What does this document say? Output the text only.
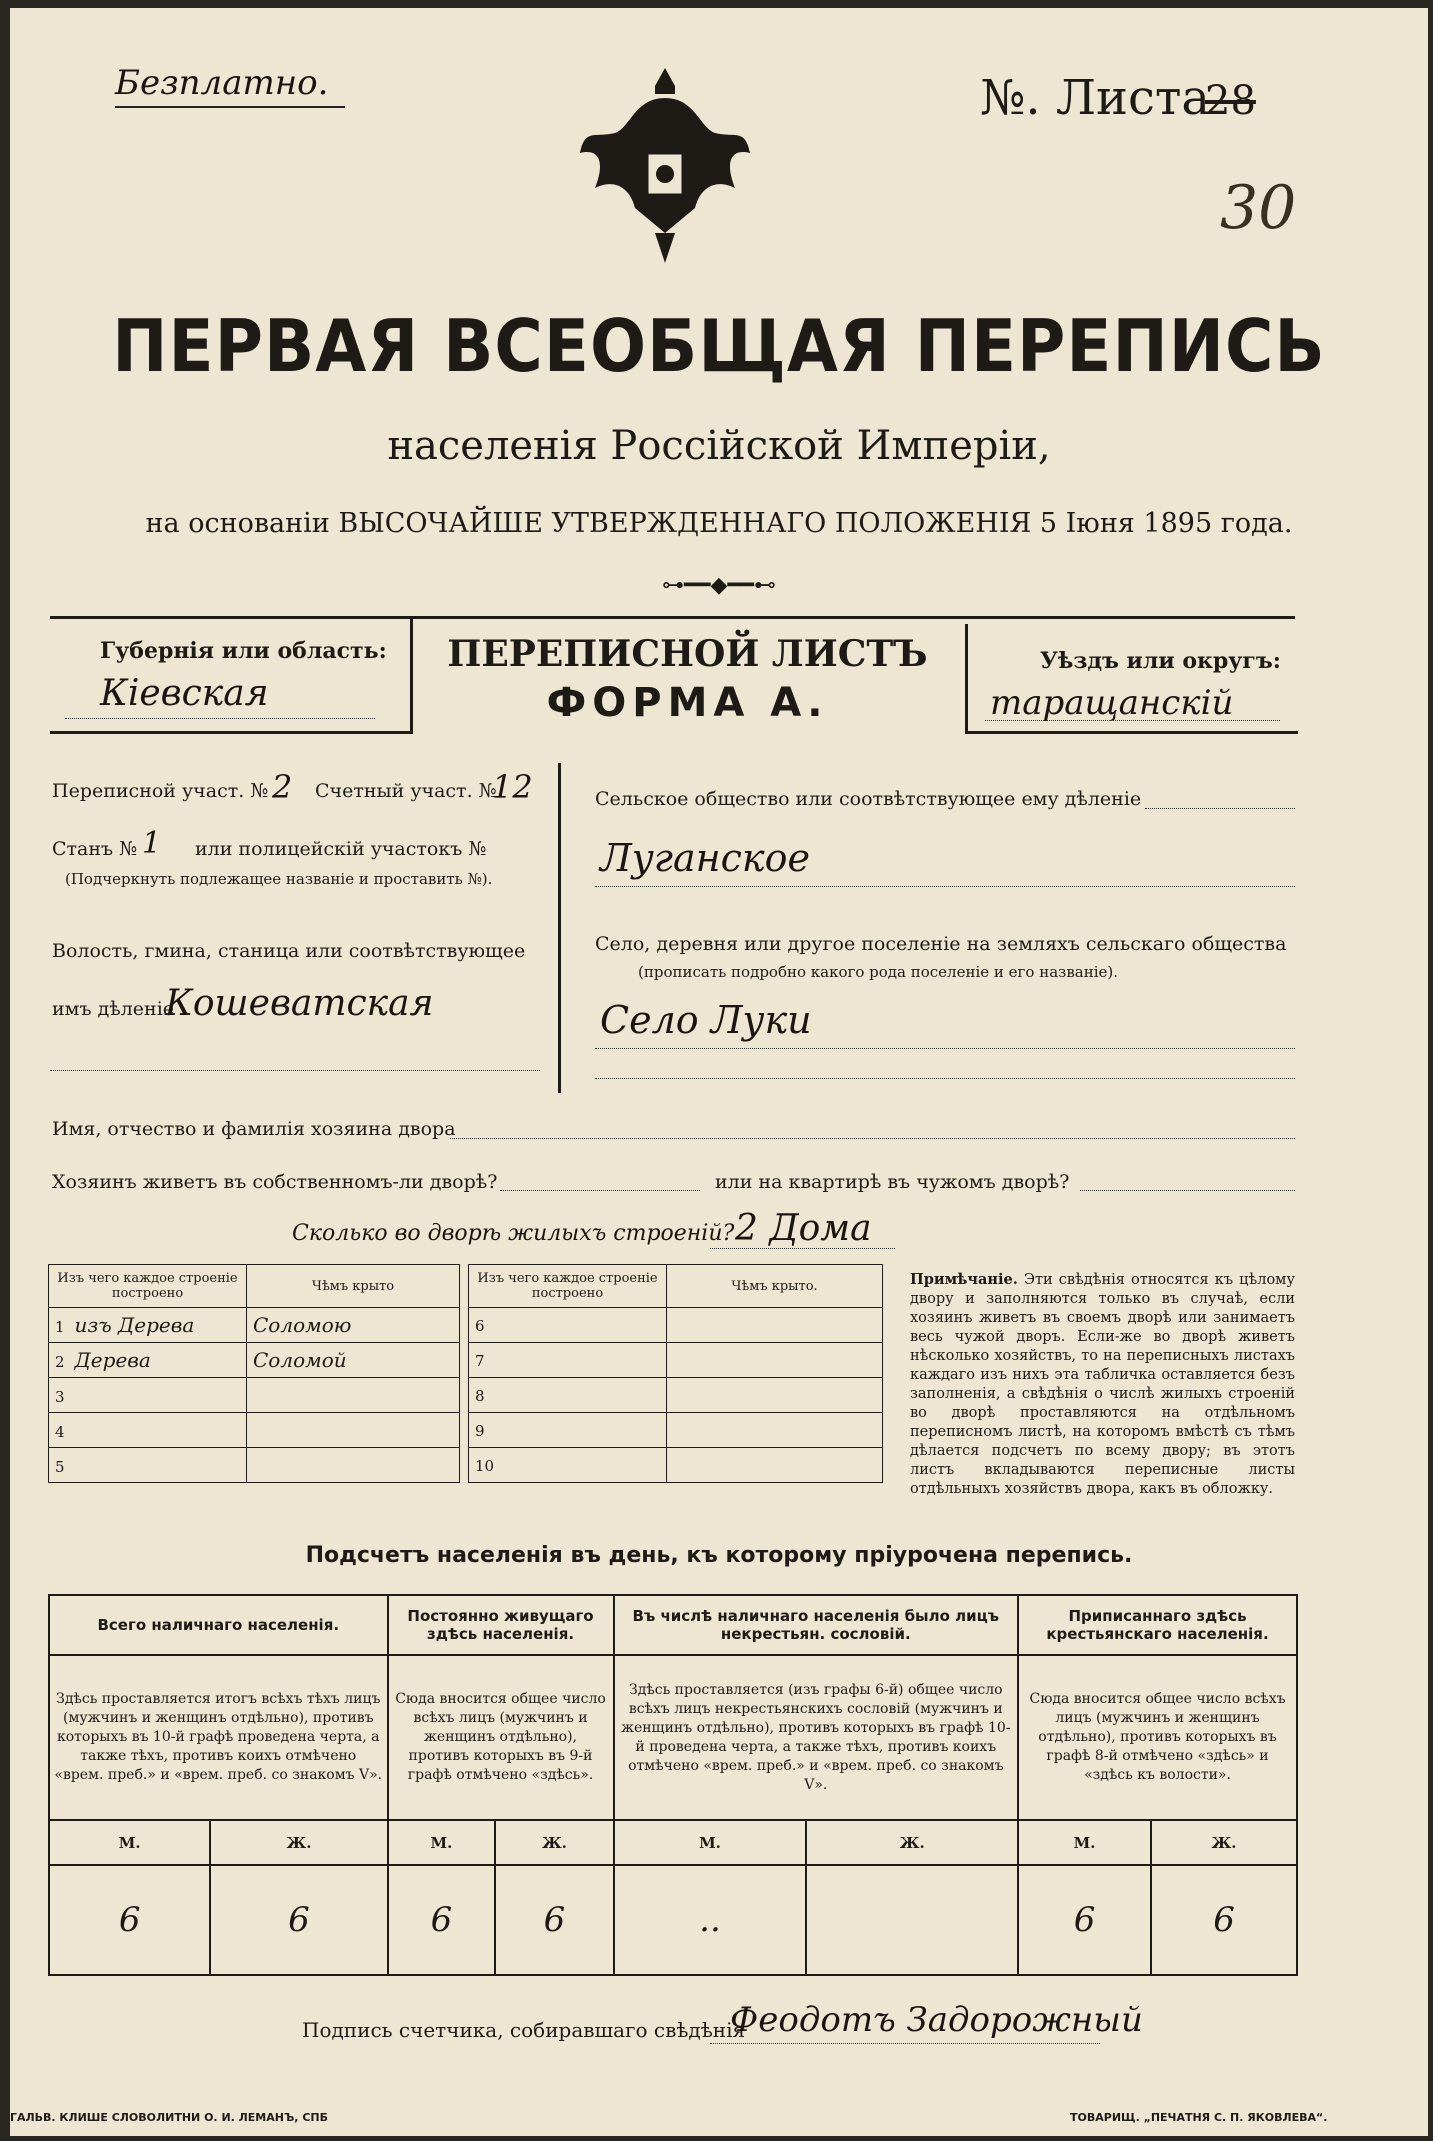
Безплатно.	№. Листа
28
30
ПЕРВАЯ ВСЕОБЩАЯ ПЕРЕПИСЬ
населенія Россійской Имперіи,
на основаніи ВЫСОЧАЙШЕ УТВЕРЖДЕННАГО ПОЛОЖЕНІЯ 5 Іюня 1895 года.
⊶━━◆━━⊷
Губернія или область:
Кіевская
ПЕРЕПИСНОЙ ЛИСТЪ
ФОРМА А.
Уѣздъ или округъ:
таращанскій
Переписной участ. № 2 Счетный участ. №
12
Станъ № 1 или полицейскій участокъ №
(Подчеркнуть подлежащее названіе и проставить №).
Волость, гмина, станица или соотвѣтствующее
имъ дѣленіе
Кошеватская
Сельское общество или соотвѣтствующее ему дѣленіе
Луганское
Село, деревня или другое поселеніе на земляхъ сельскаго общества
(прописать подробно какого рода поселеніе и его названіе).
Село Луки
Имя, отчество и фамилія хозяина двора
Хозяинъ живетъ въ собственномъ-ли дворѣ?	или на квартирѣ въ чужомъ дворѣ?
Сколько во дворѣ жилыхъ строеній? 2 Дома
Изъ чего каждое строеніе построено	Чѣмъ крыто
1 изъ Дерева	Соломою
2 Дерева	Соломой
3	
4	
5	
Изъ чего каждое строеніе построено	Чѣмъ крыто.
6	
7	
8	
9	
10	
Примѣчаніе. Эти свѣдѣнія относятся къ цѣлому двору и заполняются только въ случаѣ, если хозяинъ живетъ въ своемъ дворѣ или занимаетъ весь чужой дворъ. Если-же во дворѣ живетъ нѣсколько хозяйствъ, то на переписныхъ листахъ каждаго изъ нихъ эта табличка оставляется безъ заполненія, а свѣдѣнія о числѣ жилыхъ строеній во дворѣ проставляются на отдѣльномъ переписномъ листѣ, на которомъ вмѣстѣ съ тѣмъ дѣлается подсчетъ по всему двору; въ этотъ листъ вкладываются переписные листы отдѣльныхъ хозяйствъ двора, какъ въ обложку.
Подсчетъ населенія въ день, къ которому пріурочена перепись.
Всего наличнаго населенія.		Постоянно живущаго здѣсь населенія.		Въ числѣ наличнаго населенія было лицъ некрестьян. сословій.		Приписаннаго здѣсь крестьянскаго населенія.	
Здѣсь проставляется итогъ всѣхъ тѣхъ лицъ (мужчинъ и женщинъ отдѣльно), противъ которыхъ въ 10-й графѣ проведена черта, а также тѣхъ, противъ коихъ отмѣчено «врем. преб.» и «врем. преб. со знакомъ V».		Сюда вносится общее число всѣхъ лицъ (мужчинъ и женщинъ отдѣльно), противъ которыхъ въ 9-й графѣ отмѣчено «здѣсь».		Здѣсь проставляется (изъ графы 6-й) общее число всѣхъ лицъ некрестьянскихъ сословій (мужчинъ и женщинъ отдѣльно), противъ которыхъ въ графѣ 10-й проведена черта, а также тѣхъ, противъ коихъ отмѣчено «врем. преб.» и «врем. преб. со знакомъ V».		Сюда вносится общее число всѣхъ лицъ (мужчинъ и женщинъ отдѣльно), противъ которыхъ въ графѣ 8-й отмѣчено «здѣсь» и «здѣсь къ волости».	
М.	Ж.	М.	Ж.	М.	Ж.	М.	Ж.
6	6	6	6	..		6	6
Подпись счетчика, собиравшаго свѣдѣнія
Феодотъ Задорожный
ГАЛЬВ. КЛИШЕ СЛОВОЛИТНИ О. И. ЛЕМАНЪ, СПБ	ТОВАРИЩ. „ПЕЧАТНЯ С. П. ЯКОВЛЕВА“.
